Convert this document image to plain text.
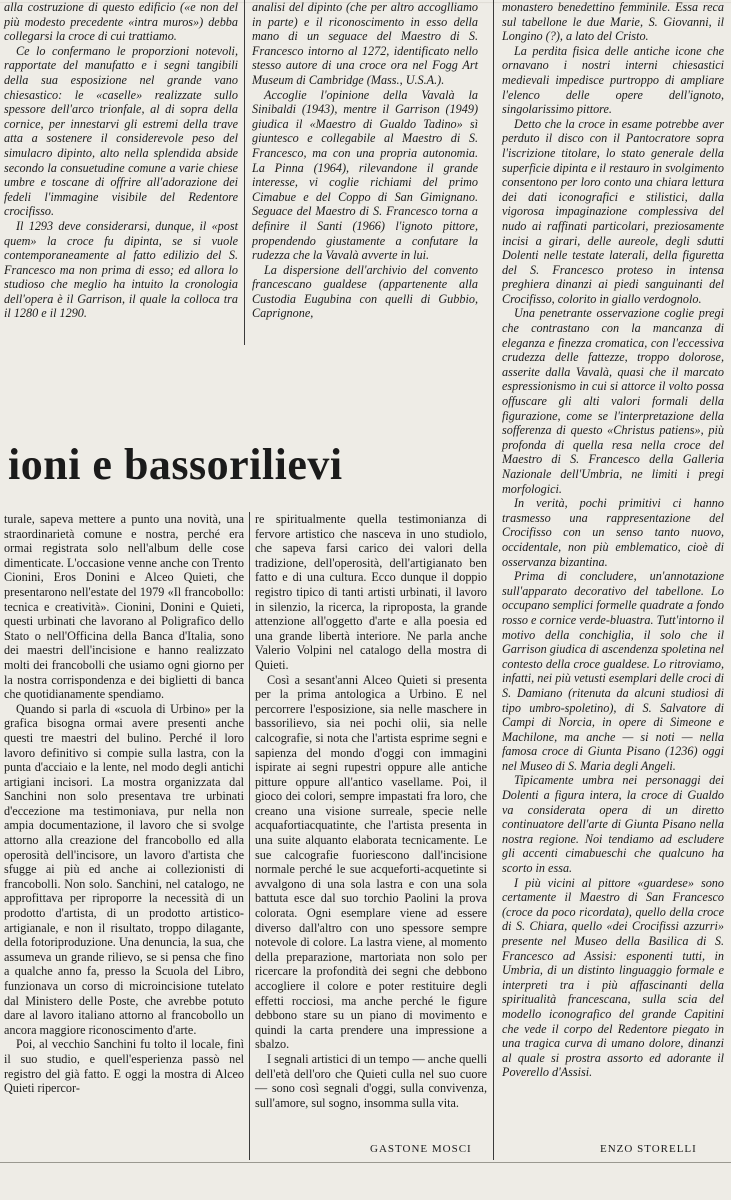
alla costruzione di questo edificio («e non del più modesto precedente «intra muros») debba collegarsi la croce di cui trattiamo.

Ce lo confermano le proporzioni notevoli, rapportate del manufatto e i segni tangibili della sua esposizione nel grande vano chiesastico: le «caselle» realizzate sullo spessore dell'arco trionfale, al di sopra della cornice, per innestarvi gli estremi della trave atta a sostenere il considerevole peso del simulacro dipinto, alto nella splendida abside secondo la consuetudine comune a varie chiese umbre e toscane di offrire all'adorazione dei fedeli l'immagine visibile del Redentore crocifisso.

Il 1293 deve considerarsi, dunque, il «post quem» la croce fu dipinta, se si vuole contemporaneamente al fatto edilizio del S. Francesco ma non prima di esso; ed allora lo studioso che meglio ha intuito la cronologia dell'opera è il Garrison, il quale la colloca tra il 1280 e il 1290.

analisi del dipinto (che per altro accoglliamo in parte) e il riconoscimento in esso della mano di un seguace del Maestro di S. Francesco intorno al 1272, identificato nello stesso autore di una croce ora nel Fogg Art Museum di Cambridge (Mass., U.S.A.).

Accoglie l'opinione della Vavalà la Sinibaldi (1943), mentre il Garrison (1949) giudica il «Maestro di Gualdo Tadino» sì giuntesco e collegabile al Maestro di S. Francesco, ma con una propria autonomia. La Pinna (1964), rilevandone il grande interesse, vi coglie richiami del primo Cimabue e del Coppo di San Gimignano. Seguace del Maestro di S. Francesco torna a definire il Santi (1966) l'ignoto pittore, propendendo giustamente a confutare la rudezza che la Vavalà avverte in lui.

La dispersione dell'archivio del convento francescano gualdese (appartenente alla Custodia Eugubina con quelli di Gubbio, Caprignone,

monastero benedettino femminile. Essa reca sul tabellone le due Marie, S. Giovanni, il Longino (?), a lato del Cristo.

La perdita fisica delle antiche icone che ornavano i nostri interni chiesastici medievali impedisce purtroppo di ampliare l'elenco delle opere dell'ignoto, singolarissimo pittore.

Detto che la croce in esame potrebbe aver perduto il disco con il Pantocratore sopra l'iscrizione titolare, lo stato generale della superficie dipinta e il restauro in svolgimento consentono per loro conto una chiara lettura dei dati iconografici e stilistici, dalla vigorosa impaginazione complessiva del nudo ai raffinati particolari, preziosamente incisi a girari, delle aureole, degli sdutti Dolenti nelle testate laterali, della figuretta del S. Francesco proteso in intensa preghiera dinanzi ai piedi sanguinanti del Crocifisso, colorito in giallo verdognolo.

Una penetrante osservazione coglie pregi che contrastano con la mancanza di eleganza e finezza cromatica, con l'eccessiva crudezza delle fattezze, troppo dolorose, asserite dalla Vavalà, quasi che il marcato espressionismo in cui si attorce il volto possa offuscare gli alti valori formali della figurazione, come se l'interpretazione della sofferenza di questo «Christus patiens», più profonda di quella resa nella croce del Maestro di S. Francesco della Galleria Nazionale dell'Umbria, ne limiti i pregi morfologici.

In verità, pochi primitivi ci hanno trasmesso una rappresentazione del Crocifisso con un senso tanto nuovo, occidentale, non più emblematico, cioè di osservanza bizantina.

Prima di concludere, un'annotazione sull'apparato decorativo del tabellone. Lo occupano semplici formelle quadrate a fondo rosso e cornice verde-bluastra. Tutt'intorno il motivo della conchiglia, il solo che il Garrison giudica di ascendenza spoletina nel contesto della croce gualdese. Lo ritroviamo, infatti, nei più vetusti esemplari delle croci di S. Damiano (ritenuta da alcuni studiosi di tipo umbro-spoletino), di S. Salvatore di Campi di Norcia, in opere di Simeone e Machilone, ma anche — si noti — nella famosa croce di Giunta Pisano (1236) oggi nel Museo di S. Maria degli Angeli.

Tipicamente umbra nei personaggi dei Dolenti a figura intera, la croce di Gualdo va considerata opera di un diretto continuatore dell'arte di Giunta Pisano nella nostra regione. Noi tendiamo ad escludere gli accenti cimabueschi che qualcuno ha scorto in essa.

I più vicini al pittore «guardese» sono certamente il Maestro di San Francesco (croce da poco ricordata), quello della croce di S. Chiara, quello «dei Crocifissi azzurri» presente nel Museo della Basilica di S. Francesco ad Assisi: esponenti tutti, in Umbria, di un distinto linguaggio formale e interpreti tra i più affascinanti della spiritualità francescana, sulla scia del modello iconografico del grande Capitini che vede il corpo del Redentore piegato in una tragica curva di umano dolore, dinanzi al quale si prostra assorto ed adorante il Poverello d'Assisi.

ioni e bassorilievi

turale, sapeva mettere a punto una novità, una straordinarietà comune e nostra, perché era ormai registrata solo nell'album delle cose dimenticate. L'occasione venne anche con Trento Cionini, Eros Donini e Alceo Quieti, che presentarono nell'estate del 1979 «Il francobollo: tecnica e creatività». Cionini, Donini e Quieti, questi urbinati che lavorano al Poligrafico dello Stato o nell'Officina della Banca d'Italia, sono dei maestri dell'incisione e hanno realizzato molti dei francobolli che usiamo ogni giorno per la nostra corrispondenza e dei biglietti di banca che quotidianamente spendiamo.

Quando si parla di «scuola di Urbino» per la grafica bisogna ormai avere presenti anche questi tre maestri del bulino. Perché il loro lavoro definitivo si compie sulla lastra, con la punta d'acciaio e la lente, nel modo degli antichi artigiani incisori. La mostra organizzata dal Sanchini non solo presentava tre urbinati d'eccezione ma testimoniava, pur nella non ampia documentazione, il lavoro che si svolge attorno alla creazione del francobollo ed alla operosità dell'incisore, un lavoro d'artista che sfugge ai più ed anche ai collezionisti di francobolli. Non solo. Sanchini, nel catalogo, ne approfittava per riproporre la necessità di un prodotto d'artista, di un prodotto artistico-artigianale, e non il risultato, troppo dilagante, della fotoriproduzione. Una denuncia, la sua, che assumeva un grande rilievo, se si pensa che fino a qualche anno fa, presso la Scuola del Libro, funzionava un corso di microincisione tutelato dal Ministero delle Poste, che avrebbe potuto dare al lavoro italiano attorno al francobollo un ancora maggiore riconoscimento d'arte.

Poi, al vecchio Sanchini fu tolto il locale, finì il suo studio, e quell'esperienza passò nel registro del già fatto. E oggi la mostra di Alceo Quieti ripercor-

re spiritualmente quella testimonianza di fervore artistico che nasceva in uno studiolo, che sapeva farsi carico dei valori della tradizione, dell'operosità, dell'artigianato ben fatto e di una cultura. Ecco dunque il doppio registro tipico di tanti artisti urbinati, il lavoro in silenzio, la ricerca, la riproposta, la grande attenzione all'oggetto d'arte e alla poesia ed una grande libertà interiore. Ne parla anche Valerio Volpini nel catalogo della mostra di Quieti.

Così a sesant'anni Alceo Quieti si presenta per la prima antologica a Urbino. E nel percorrere l'esposizione, sia nelle maschere in bassorilievo, sia nei pochi olii, sia nelle calcografie, si nota che l'artista esprime segni e sapienza del mondo d'oggi con immagini ispirate ai segni rupestri oppure alle antiche pitture oppure all'antico vasellame. Poi, il gioco dei colori, sempre impastati fra loro, che creano una visione surreale, specie nelle acquafortiacquatinte, che l'artista presenta in una suite alquanto elaborata tecnicamente. Le sue calcografie fuoriescono dall'incisione normale perché le sue acqueforti-acquetinte si avvalgono di una sola lastra e con una sola battuta esce dal suo torchio Paolini la prova colorata. Ogni esemplare viene ad essere diverso dall'altro con uno spessore sempre notevole di colore. La lastra viene, al momento della preparazione, martoriata non solo per ricercare la profondità dei segni che debbono accogliere il colore e poter restituire degli effetti rocciosi, ma anche perché le figure debbono stare su un piano di movimento e quindi la carta prendere una impressione a sbalzo.

I segnali artistici di un tempo — anche quelli dell'età dell'oro che Quieti culla nel suo cuore — sono così segnali d'oggi, sulla convivenza, sull'amore, sul sogno, insomma sulla vita.

GASTONE MOSCI	ENZO STORELLI
